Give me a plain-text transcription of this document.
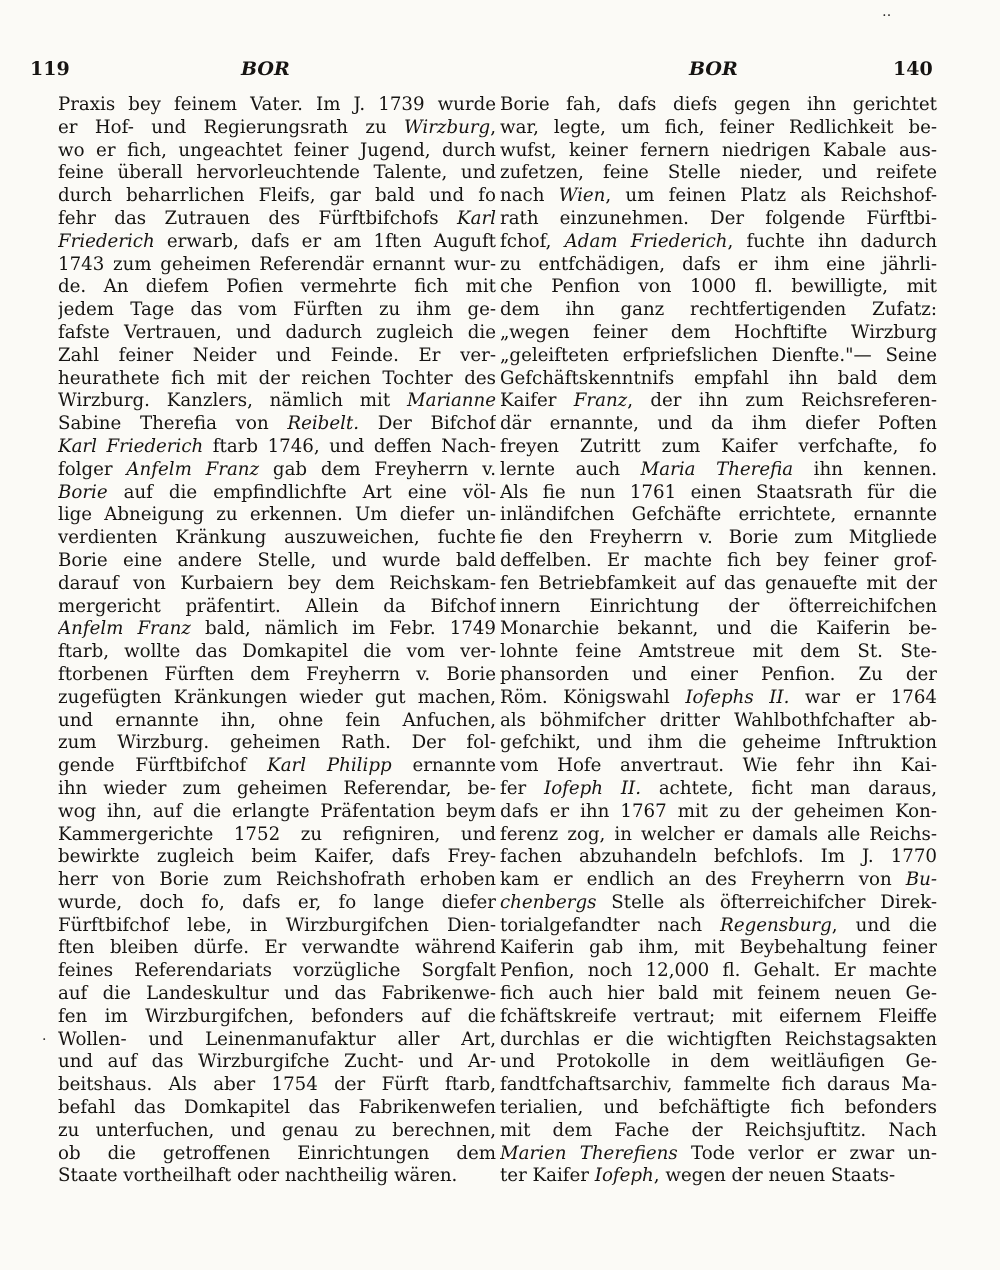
119	BOR	BOR	140
Praxis bey feinem Vater. Im J. 1739 wurde
er Hof- und Regierungsrath zu Wirzburg,
wo er fich, ungeachtet feiner Jugend, durch
feine überall hervorleuchtende Talente, und
durch beharrlichen Fleifs, gar bald und fo
fehr das Zutrauen des Fürftbifchofs Karl
Friederich erwarb, dafs er am 1ften Auguft
1743 zum geheimen Referendär ernannt wur-
de. An diefem Pofien vermehrte fich mit
jedem Tage das vom Fürften zu ihm ge-
fafste Vertrauen, und dadurch zugleich die
Zahl feiner Neider und Feinde. Er ver-
heurathete fich mit der reichen Tochter des
Wirzburg. Kanzlers, nämlich mit Marianne
Sabine Therefia von Reibelt. Der Bifchof
Karl Friederich ftarb 1746, und deffen Nach-
folger Anfelm Franz gab dem Freyherrn v.
Borie auf die empfindlichfte Art eine völ-
lige Abneigung zu erkennen. Um diefer un-
verdienten Kränkung auszuweichen, fuchte
Borie eine andere Stelle, und wurde bald
darauf von Kurbaiern bey dem Reichskam-
mergericht präfentirt. Allein da Bifchof
Anfelm Franz bald, nämlich im Febr. 1749
ftarb, wollte das Domkapitel die vom ver-
ftorbenen Fürften dem Freyherrn v. Borie
zugefügten Kränkungen wieder gut machen,
und ernannte ihn, ohne fein Anfuchen,
zum Wirzburg. geheimen Rath. Der fol-
gende Fürftbifchof Karl Philipp ernannte
ihn wieder zum geheimen Referendar, be-
wog ihn, auf die erlangte Präfentation beym
Kammergerichte 1752 zu refigniren, und
bewirkte zugleich beim Kaifer, dafs Frey-
herr von Borie zum Reichshofrath erhoben
wurde, doch fo, dafs er, fo lange diefer
Fürftbifchof lebe, in Wirzburgifchen Dien-
ften bleiben dürfe. Er verwandte während
feines Referendariats vorzügliche Sorgfalt
auf die Landeskultur und das Fabrikenwe-
fen im Wirzburgifchen, befonders auf die
Wollen- und Leinenmanufaktur aller Art,
und auf das Wirzburgifche Zucht- und Ar-
beitshaus. Als aber 1754 der Fürft ftarb,
befahl das Domkapitel das Fabrikenwefen
zu unterfuchen, und genau zu berechnen,
ob die getroffenen Einrichtungen dem
Staate vortheilhaft oder nachtheilig wären.
Borie fah, dafs diefs gegen ihn gerichtet
war, legte, um fich, feiner Redlichkeit be-
wufst, keiner fernern niedrigen Kabale aus-
zufetzen, feine Stelle nieder, und reifete
nach Wien, um feinen Platz als Reichshof-
rath einzunehmen. Der folgende Fürftbi-
fchof, Adam Friederich, fuchte ihn dadurch
zu entfchädigen, dafs er ihm eine jährli-
che Penfion von 1000 fl. bewilligte, mit
dem ihn ganz rechtfertigenden Zufatz:
„wegen feiner dem Hochftifte Wirzburg
„geleifteten erfpriefslichen Dienfte."— Seine
Gefchäftskenntnifs empfahl ihn bald dem
Kaifer Franz, der ihn zum Reichsreferen-
där ernannte, und da ihm diefer Poften
freyen Zutritt zum Kaifer verfchafte, fo
lernte auch Maria Therefia ihn kennen.
Als fie nun 1761 einen Staatsrath für die
inländifchen Gefchäfte errichtete, ernannte
fie den Freyherrn v. Borie zum Mitgliede
deffelben. Er machte fich bey feiner grof-
fen Betriebfamkeit auf das genauefte mit der
innern Einrichtung der öfterreichifchen
Monarchie bekannt, und die Kaiferin be-
lohnte feine Amtstreue mit dem St. Ste-
phansorden und einer Penfion. Zu der
Röm. Königswahl Iofephs II. war er 1764
als böhmifcher dritter Wahlbothfchafter ab-
gefchikt, und ihm die geheime Inftruktion
vom Hofe anvertraut. Wie fehr ihn Kai-
fer Iofeph II. achtete, ficht man daraus,
dafs er ihn 1767 mit zu der geheimen Kon-
ferenz zog, in welcher er damals alle Reichs-
fachen abzuhandeln befchlofs. Im J. 1770
kam er endlich an des Freyherrn von Bu-
chenbergs Stelle als öfterreichifcher Direk-
torialgefandter nach Regensburg, und die
Kaiferin gab ihm, mit Beybehaltung feiner
Penfion, noch 12,000 fl. Gehalt. Er machte
fich auch hier bald mit feinem neuen Ge-
fchäftskreife vertraut; mit eifernem Fleiffe
durchlas er die wichtigften Reichstagsakten
und Protokolle in dem weitläufigen Ge-
fandtfchaftsarchiv, fammelte fich daraus Ma-
terialien, und befchäftigte fich befonders
mit dem Fache der Reichsjuftitz. Nach
Marien Therefiens Tode verlor er zwar un-
ter Kaifer Iofeph, wegen der neuen Staats-
‥
·
